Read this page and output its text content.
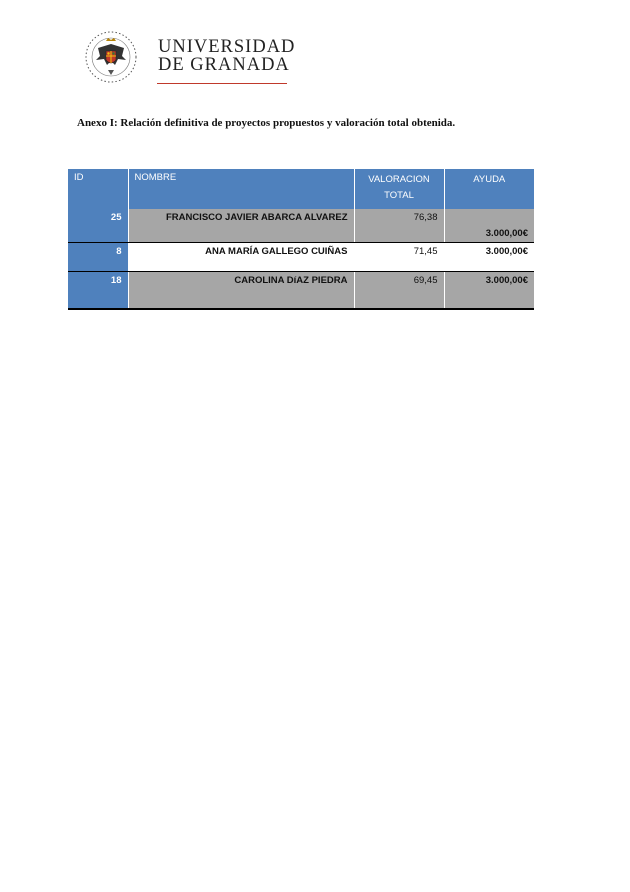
UNIVERSIDAD
DE GRANADA
Anexo I: Relación definitiva de proyectos propuestos y valoración total obtenida.
ID	NOMBRE	VALORACION TOTAL	AYUDA
25	FRANCISCO JAVIER ABARCA ALVAREZ	76,38	3.000,00€
8	ANA MARÍA GALLEGO CUIÑAS	71,45	3.000,00€
18	CAROLINA DíAZ PIEDRA	69,45	3.000,00€
